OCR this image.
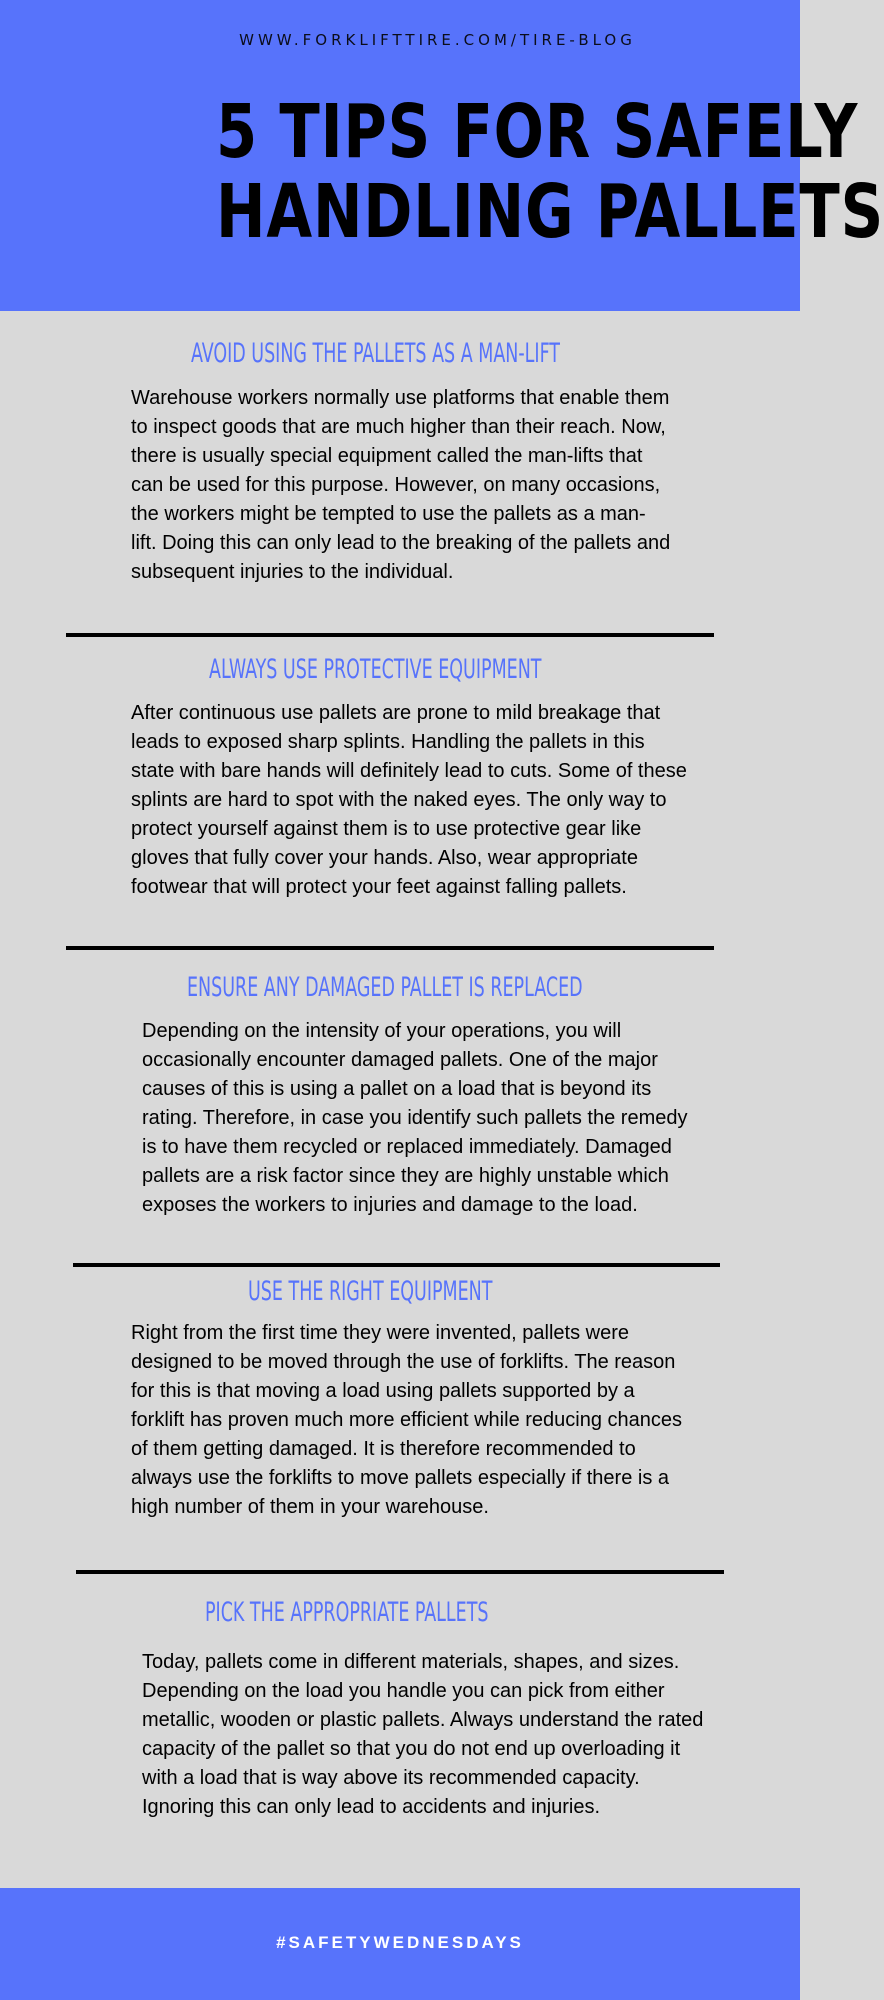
WWW.FORKLIFTTIRE.COM/TIRE-BLOG
5 TIPS FOR SAFELY
HANDLING PALLETS
AVOID USING THE PALLETS AS A MAN-LIFT
Warehouse workers normally use platforms that enable them to inspect goods that are much higher than their reach. Now, there is usually special equipment called the man-lifts that can be used for this purpose. However, on many occasions, the workers might be tempted to use the pallets as a man-lift. Doing this can only lead to the breaking of the pallets and subsequent injuries to the individual.
ALWAYS USE PROTECTIVE EQUIPMENT
After continuous use pallets are prone to mild breakage that leads to exposed sharp splints. Handling the pallets in this state with bare hands will definitely lead to cuts. Some of these splints are hard to spot with the naked eyes. The only way to protect yourself against them is to use protective gear like gloves that fully cover your hands. Also, wear appropriate footwear that will protect your feet against falling pallets.
ENSURE ANY DAMAGED PALLET IS REPLACED
Depending on the intensity of your operations, you will occasionally encounter damaged pallets. One of the major causes of this is using a pallet on a load that is beyond its rating. Therefore, in case you identify such pallets the remedy is to have them recycled or replaced immediately. Damaged pallets are a risk factor since they are highly unstable which exposes the workers to injuries and damage to the load.
USE THE RIGHT EQUIPMENT
Right from the first time they were invented, pallets were designed to be moved through the use of forklifts. The reason for this is that moving a load using pallets supported by a forklift has proven much more efficient while reducing chances of them getting damaged. It is therefore recommended to always use the forklifts to move pallets especially if there is a high number of them in your warehouse.
PICK THE APPROPRIATE PALLETS
Today, pallets come in different materials, shapes, and sizes. Depending on the load you handle you can pick from either metallic, wooden or plastic pallets. Always understand the rated capacity of the pallet so that you do not end up overloading it with a load that is way above its recommended capacity. Ignoring this can only lead to accidents and injuries.
#SAFETYWEDNESDAYS
